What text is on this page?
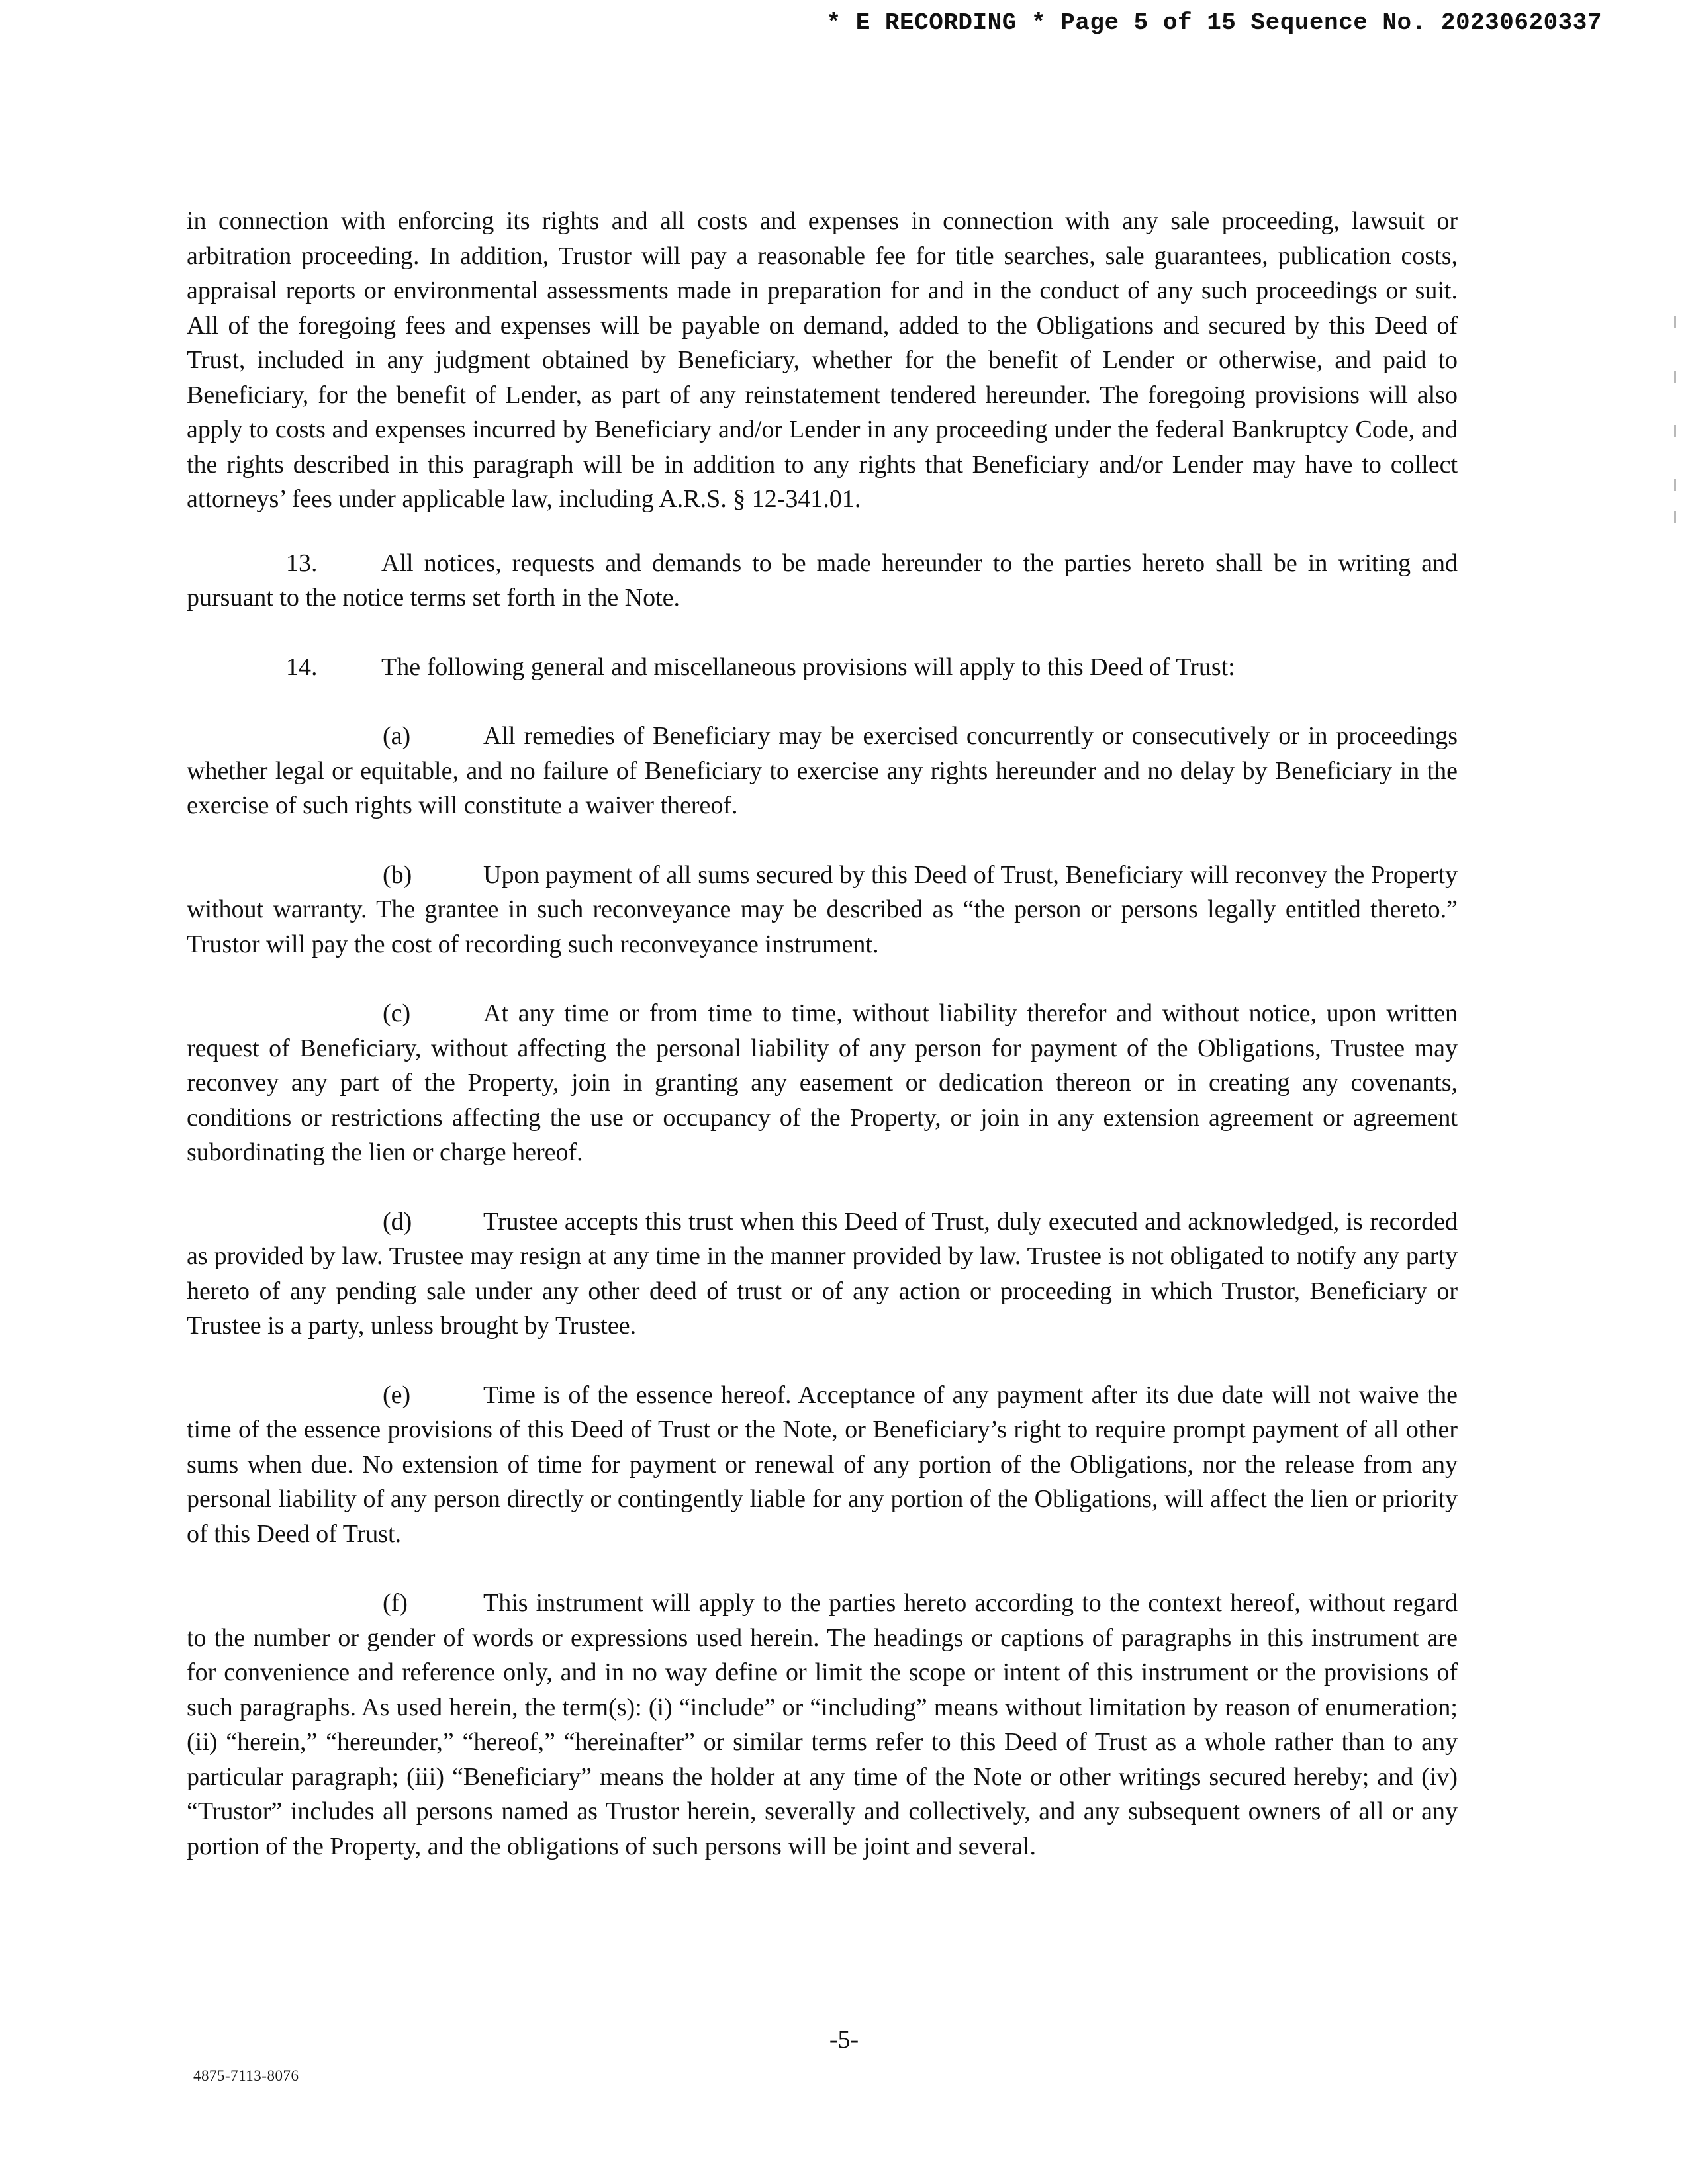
* E RECORDING * Page 5 of 15 Sequence No. 20230620337

in connection with enforcing its rights and all costs and expenses in connection with any sale proceeding, lawsuit or arbitration proceeding. In addition, Trustor will pay a reasonable fee for title searches, sale guarantees, publication costs, appraisal reports or environmental assessments made in preparation for and in the conduct of any such proceedings or suit. All of the foregoing fees and expenses will be payable on demand, added to the Obligations and secured by this Deed of Trust, included in any judgment obtained by Beneficiary, whether for the benefit of Lender or otherwise, and paid to Beneficiary, for the benefit of Lender, as part of any reinstatement tendered hereunder. The foregoing provisions will also apply to costs and expenses incurred by Beneficiary and/or Lender in any proceeding under the federal Bankruptcy Code, and the rights described in this paragraph will be in addition to any rights that Beneficiary and/or Lender may have to collect attorneys’ fees under applicable law, including A.R.S. § 12-341.01.

13.	All notices, requests and demands to be made hereunder to the parties hereto shall be in writing and pursuant to the notice terms set forth in the Note.

14.	The following general and miscellaneous provisions will apply to this Deed of Trust:

(a)	All remedies of Beneficiary may be exercised concurrently or consecutively or in proceedings whether legal or equitable, and no failure of Beneficiary to exercise any rights hereunder and no delay by Beneficiary in the exercise of such rights will constitute a waiver thereof.

(b)	Upon payment of all sums secured by this Deed of Trust, Beneficiary will reconvey the Property without warranty. The grantee in such reconveyance may be described as “the person or persons legally entitled thereto.” Trustor will pay the cost of recording such reconveyance instrument.

(c)	At any time or from time to time, without liability therefor and without notice, upon written request of Beneficiary, without affecting the personal liability of any person for payment of the Obligations, Trustee may reconvey any part of the Property, join in granting any easement or dedication thereon or in creating any covenants, conditions or restrictions affecting the use or occupancy of the Property, or join in any extension agreement or agreement subordinating the lien or charge hereof.

(d)	Trustee accepts this trust when this Deed of Trust, duly executed and acknowledged, is recorded as provided by law. Trustee may resign at any time in the manner provided by law. Trustee is not obligated to notify any party hereto of any pending sale under any other deed of trust or of any action or proceeding in which Trustor, Beneficiary or Trustee is a party, unless brought by Trustee.

(e)	Time is of the essence hereof. Acceptance of any payment after its due date will not waive the time of the essence provisions of this Deed of Trust or the Note, or Beneficiary’s right to require prompt payment of all other sums when due. No extension of time for payment or renewal of any portion of the Obligations, nor the release from any personal liability of any person directly or contingently liable for any portion of the Obligations, will affect the lien or priority of this Deed of Trust.

(f)	This instrument will apply to the parties hereto according to the context hereof, without regard to the number or gender of words or expressions used herein. The headings or captions of paragraphs in this instrument are for convenience and reference only, and in no way define or limit the scope or intent of this instrument or the provisions of such paragraphs. As used herein, the term(s): (i) “include” or “including” means without limitation by reason of enumeration; (ii) “herein,” “hereunder,” “hereof,” “hereinafter” or similar terms refer to this Deed of Trust as a whole rather than to any particular paragraph; (iii) “Beneficiary” means the holder at any time of the Note or other writings secured hereby; and (iv) “Trustor” includes all persons named as Trustor herein, severally and collectively, and any subsequent owners of all or any portion of the Property, and the obligations of such persons will be joint and several.

-5-
4875-7113-8076
